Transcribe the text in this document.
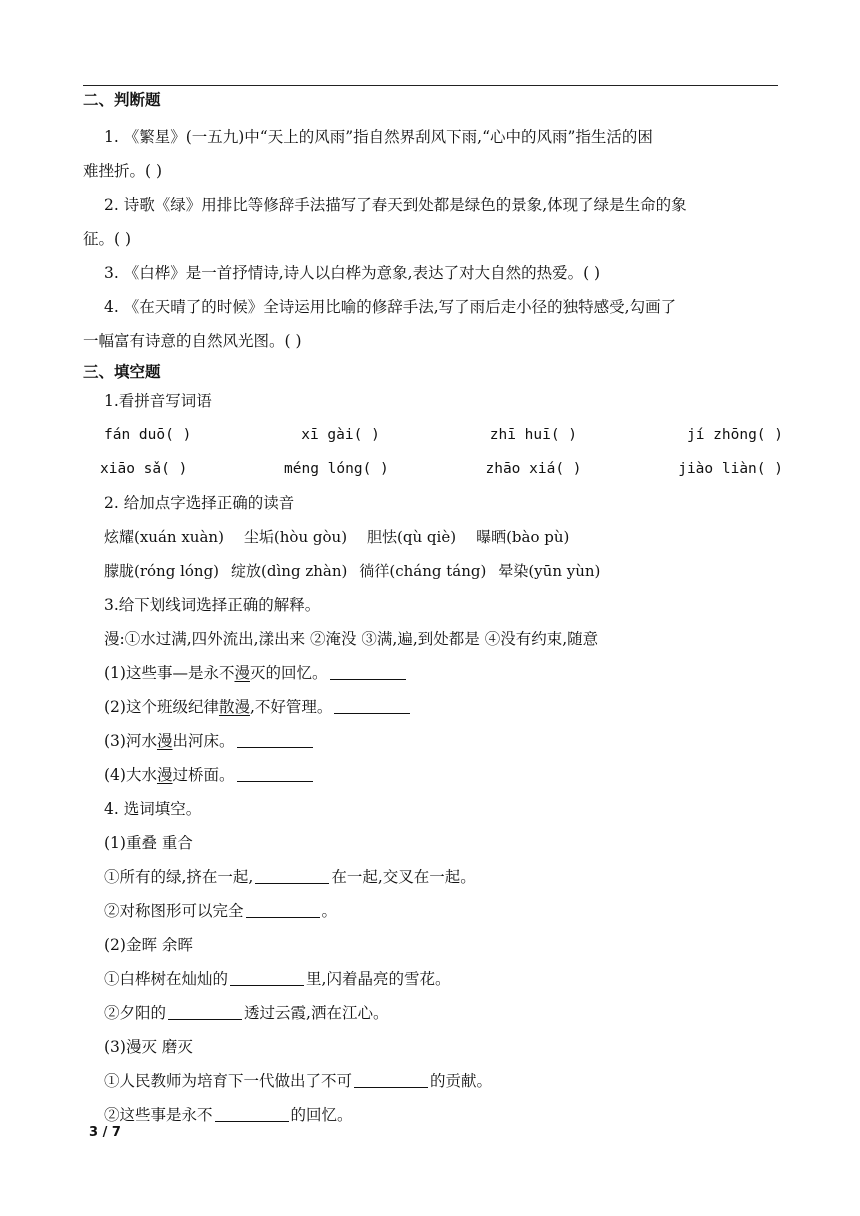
二、判断题

1. 《繁星》(一五九)中“天上的风雨”指自然界刮风下雨,“心中的风雨”指生活的困

难挫折。( )

2. 诗歌《绿》用排比等修辞手法描写了春天到处都是绿色的景象,体现了绿是生命的象

征。( )

3. 《白桦》是一首抒情诗,诗人以白桦为意象,表达了对大自然的热爱。( )

4. 《在天晴了的时候》全诗运用比喻的修辞手法,写了雨后走小径的独特感受,勾画了

一幅富有诗意的自然风光图。( )

三、填空题

1.看拼音写词语

fán duō( )	xī gài( )	zhī huī( )	jí zhōng( )
xiāo sǎ( )	méng lóng( )	zhāo xiá( )	jiào liàn( )

2. 给加点字选择正确的读音

炫耀(xuán xuàn) 尘垢(hòu gòu) 胆怯(qù qiè) 曝晒(bào pù)
朦胧(róng lóng) 绽放(dìng zhàn) 徜徉(cháng táng) 晕染(yūn yùn)

3.给下划线词选择正确的解释。

漫:①水过满,四外流出,漾出来 ②淹没 ③满,遍,到处都是 ④没有约束,随意

(1)这些事—是永不漫灭的回忆。

(2)这个班级纪律散漫,不好管理。

(3)河水漫出河床。

(4)大水漫过桥面。

4. 选词填空。

(1)重叠 重合

①所有的绿,挤在一起,	在一起,交叉在一起。

②对称图形可以完全	。

(2)金晖 余晖

①白桦树在灿灿的	里,闪着晶亮的雪花。

②夕阳的	透过云霞,洒在江心。

(3)漫灭 磨灭

①人民教师为培育下一代做出了不可	的贡献。

②这些事是永不	的回忆。

3 / 7
